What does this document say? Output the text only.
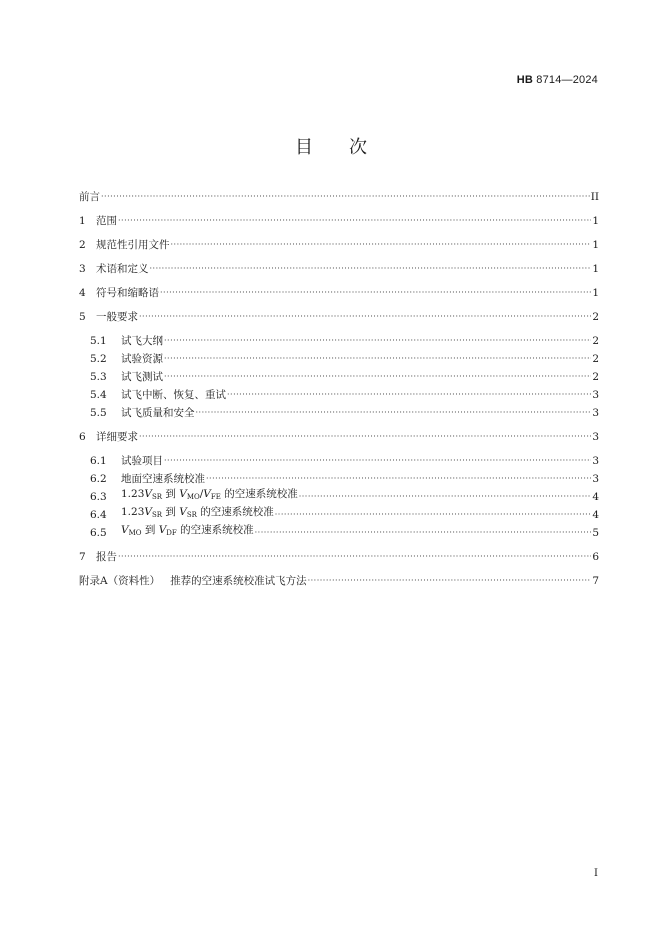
HB 8714—2024
目次
前言 ·····	II
1 范围 ·····	1
2 规范性引用文件 ·····	1
3 术语和定义 ·····	1
4 符号和缩略语 ·····	1
5 一般要求 ·····	2
5.1	试飞大纲 ·····	2
5.2	试验资源 ·····	2
5.3	试飞测试 ·····	2
5.4	试飞中断、恢复、重试 ·····	3
5.5	试飞质量和安全 ·····	3
6 详细要求 ·····	3
6.1	试验项目 ·····	3
6.2	地面空速系统校准 ·····	3
6.3	$1.23V_{SR}$ 到 $V_{MO}/V_{FE}$ 的空速系统校准 ·····	4
6.4	$1.23V_{SR}$ 到 $V_{SR}$ 的空速系统校准 ·····	4
6.5	$V_{MO}$ 到 $V_{DF}$ 的空速系统校准 ·····	5
7 报告 ·····	6
附录A（资料性） 推荐的空速系统校准试飞方法 ·····	7
I
